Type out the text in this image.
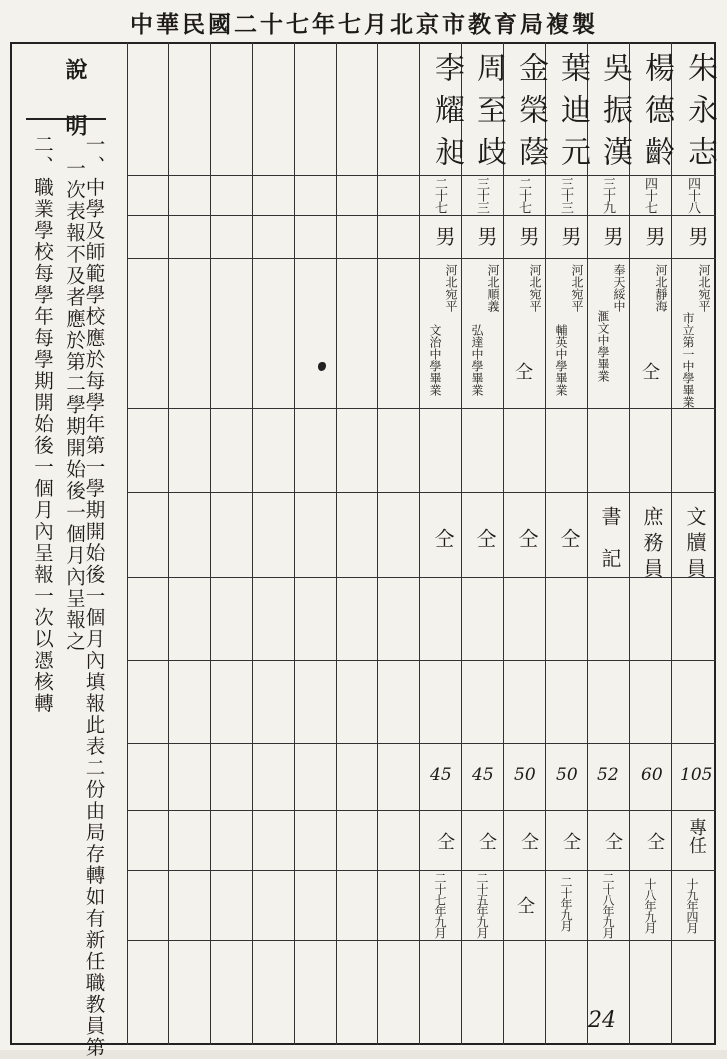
中華民國二十七年七月北京市教育局複製
說明
一、中學及師範學校應於每學年第一學期開始後一個月內填報此表二份由局存轉如有新任職教員第
一次表報不及者應於第二學期開始後一個月內呈報之
二、職業學校每學年每學期開始後一個月內呈報一次以憑核轉
朱永志
楊德齡
吳振漢
葉迪元
金榮蔭
周至歧
李耀昶
四十八
四十七
三十九
三十三
二十七
三十三
二十七
男
男
男
男
男
男
男
河北宛平
河北靜海
奉天綏中
河北宛平
河北宛平
河北順義
河北宛平
市立第一中學畢業
仝
滙文中學畢業
輔英中學畢業
仝
弘達中學畢業
文治中學畢業
文牘員
庶務員
書記
仝
仝
仝
仝
105
60
52
50
50
45
45
專任
仝
仝
仝
仝
仝
仝
十九年四月
十八年九月
二十八年九月
二十年九月
仝
二十五年九月
二十七年九月
24
